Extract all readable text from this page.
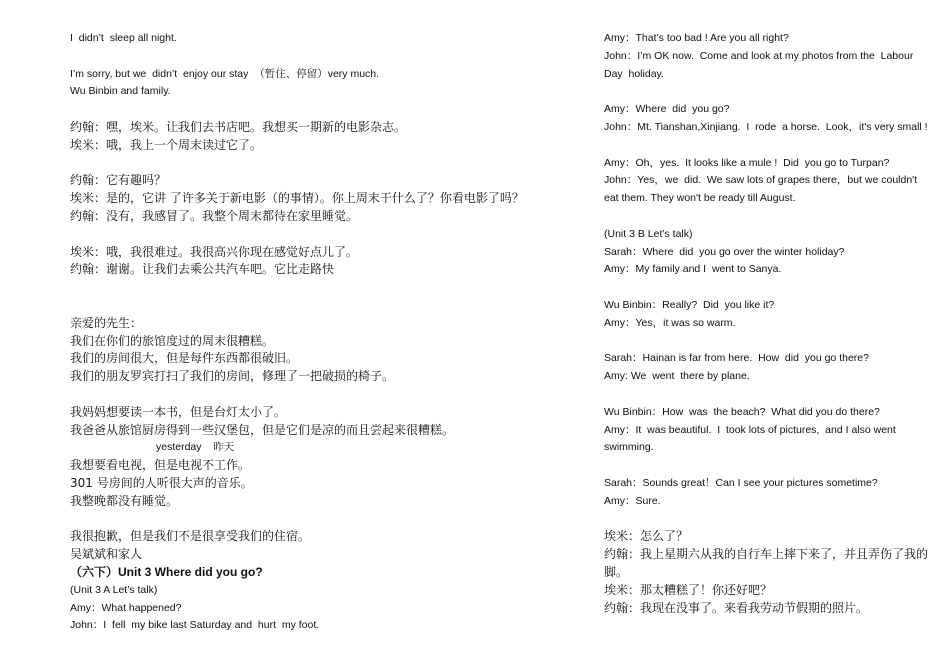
I  didn’t  sleep all night.
I’m sorry, but we  didn’t  enjoy our stay  （暂住、停留）very much.
Wu Binbin and family.
约翰：嘿，埃米。让我们去书店吧。我想买一期新的电影杂志。
埃米：哦，我上一个周末读过它了。
约翰：它有趣吗？
埃米：是的，它讲 了许多关于新电影（的事情）。你上周末干什么了？你看电影了吗？
约翰：没有，我感冒了。我整个周末都待在家里睡觉。
埃米：哦，我很难过。我很高兴你现在感觉好点儿了。
约翰：谢谢。让我们去乘公共汽车吧。它比走路快
亲爱的先生：
我们在你们的旅馆度过的周末很糟糕。
我们的房间很大，但是每件东西都很破旧。
我们的朋友罗宾打扫了我们的房间，修理了一把破损的椅子。
我妈妈想要读一本书，但是台灯太小了。
我爸爸从旅馆厨房得到一些汉堡包，但是它们是凉的而且尝起来很糟糕。
yesterday    昨天
我想要看电视，但是电视不工作。
301 号房间的人听很大声的音乐。
我整晚都没有睡觉。
我很抱歉，但是我们不是很享受我们的住宿。
吴斌斌和家人
（六下）Unit 3 Where did you go?
(Unit 3 A Let’s talk)
Amy：What happened?
John：I  fell  my bike last Saturday and  hurt  my foot.
Amy：That’s too bad ! Are you all right?
John：I’m OK now.  Come and look at my photos from the  Labour Day  holiday.
Amy：Where  did  you go?
John：Mt. Tianshan,Xinjiang.  I  rode  a horse.  Look，it's very small !
Amy：Oh，yes.  It looks like a mule !  Did  you go to Turpan?
John：Yes，we  did.  We saw lots of grapes there，but we couldn't eat them. They won't be ready till August.
(Unit 3 B Let’s talk)
Sarah：Where  did  you go over the winter holiday?
Amy：My family and I  went to Sanya.
Wu Binbin：Really?  Did  you like it?
Amy：Yes，it was so warm.
Sarah：Hainan is far from here.  How  did  you go there?
Amy: We  went  there by plane.
Wu Binbin：How  was  the beach?  What did you do there?
Amy：It  was beautiful.  I  took lots of pictures,  and I also went swimming.
Sarah：Sounds great！Can I see your pictures sometime?
Amy：Sure.
埃米：怎么了？
约翰：我上星期六从我的自行车上摔下来了，并且弄伤了我的脚。
埃米：那太糟糕了！你还好吧？
约翰：我现在没事了。来看我劳动节假期的照片。
